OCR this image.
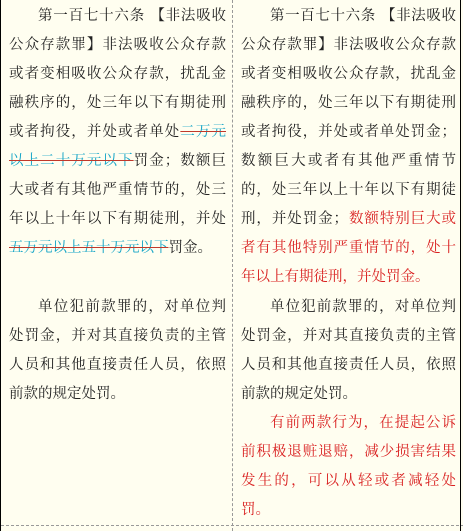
第一百七十六条 【非法吸收公众存款罪】非法吸收公众存款或者变相吸收公众存款，扰乱金融秩序的，处三年以下有期徒刑或者拘役，并处或者单处二万元以上二十万元以下罚金；数额巨大或者有其他严重情节的，处三年以上十年以下有期徒刑，并处五万元以上五十万元以下罚金。
单位犯前款罪的，对单位判处罚金，并对其直接负责的主管人员和其他直接责任人员，依照前款的规定处罚。
第一百七十六条 【非法吸收公众存款罪】非法吸收公众存款或者变相吸收公众存款，扰乱金融秩序的，处三年以下有期徒刑或者拘役，并处或者单处罚金；数额巨大或者有其他严重情节的，处三年以上十年以下有期徒刑，并处罚金；数额特别巨大或者有其他特别严重情节的，处十年以上有期徒刑，并处罚金。
单位犯前款罪的，对单位判处罚金，并对其直接负责的主管人员和其他直接责任人员，依照前款的规定处罚。
有前两款行为，在提起公诉前积极退赃退赔，减少损害结果发生的，可以从轻或者减轻处罚。
